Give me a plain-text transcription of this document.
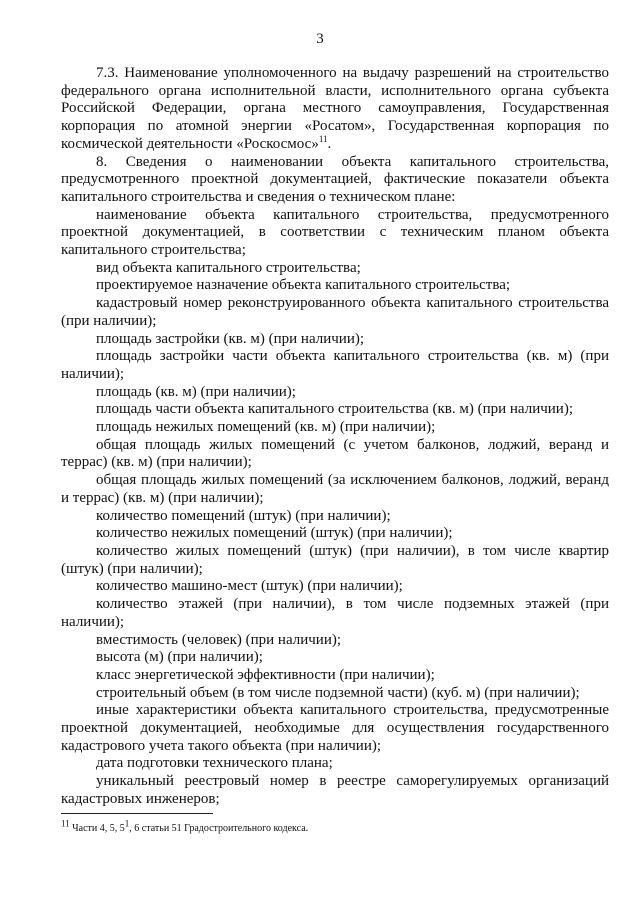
3

7.3. Наименование уполномоченного на выдачу разрешений на строительство федерального органа исполнительной власти, исполнительного органа субъекта Российской Федерации, органа местного самоуправления, Государственная корпорация по атомной энергии «Росатом», Государственная корпорация по космической деятельности «Роскосмос»$^{11}$.

8. Сведения о наименовании объекта капитального строительства, предусмотренного проектной документацией, фактические показатели объекта капитального строительства и сведения о техническом плане:

наименование объекта капитального строительства, предусмотренного проектной документацией, в соответствии с техническим планом объекта капитального строительства;

вид объекта капитального строительства;

проектируемое назначение объекта капитального строительства;

кадастровый номер реконструированного объекта капитального строительства (при наличии);

площадь застройки (кв. м) (при наличии);

площадь застройки части объекта капитального строительства (кв. м) (при наличии);

площадь (кв. м) (при наличии);

площадь части объекта капитального строительства (кв. м) (при наличии);

площадь нежилых помещений (кв. м) (при наличии);

общая площадь жилых помещений (с учетом балконов, лоджий, веранд и террас) (кв. м) (при наличии);

общая площадь жилых помещений (за исключением балконов, лоджий, веранд и террас) (кв. м) (при наличии);

количество помещений (штук) (при наличии);

количество нежилых помещений (штук) (при наличии);

количество жилых помещений (штук) (при наличии), в том числе квартир (штук) (при наличии);

количество машино-мест (штук) (при наличии);

количество этажей (при наличии), в том числе подземных этажей (при наличии);

вместимость (человек) (при наличии);

высота (м) (при наличии);

класс энергетической эффективности (при наличии);

строительный объем (в том числе подземной части) (куб. м) (при наличии);

иные характеристики объекта капитального строительства, предусмотренные проектной документацией, необходимые для осуществления государственного кадастрового учета такого объекта (при наличии);

дата подготовки технического плана;

уникальный реестровый номер в реестре саморегулируемых организаций кадастровых инженеров;

$^{11}$ Части 4, 5, $5^1$, 6 статьи 51 Градостроительного кодекса.
